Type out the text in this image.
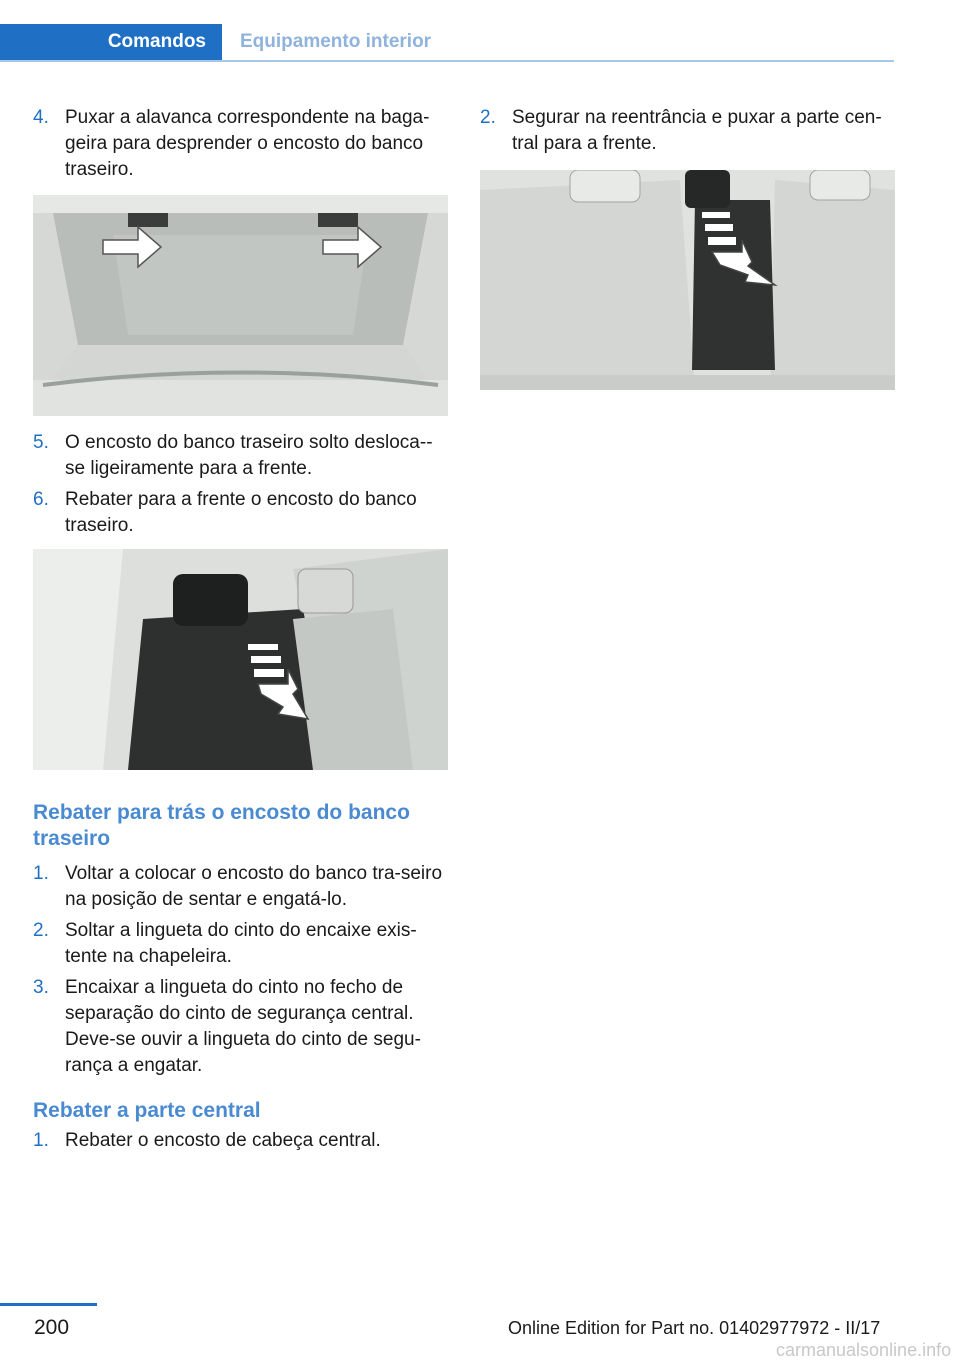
Comandos	Equipamento interior
4. Puxar a alavanca correspondente na baga-geira para desprender o encosto do banco traseiro.
5. O encosto do banco traseiro solto desloca--se ligeiramente para a frente.
6. Rebater para a frente o encosto do banco traseiro.
Rebater para trás o encosto do banco traseiro
1. Voltar a colocar o encosto do banco tra-seiro na posição de sentar e engatá-lo.
2. Soltar a lingueta do cinto do encaixe exis-tente na chapeleira.
3. Encaixar a lingueta do cinto no fecho de separação do cinto de segurança central. Deve-se ouvir a lingueta do cinto de segu-rança a engatar.
Rebater a parte central
1. Rebater o encosto de cabeça central.
2. Segurar na reentrância e puxar a parte cen-tral para a frente.
200	Online Edition for Part no. 01402977972 - II/17
carmanualsonline.info
